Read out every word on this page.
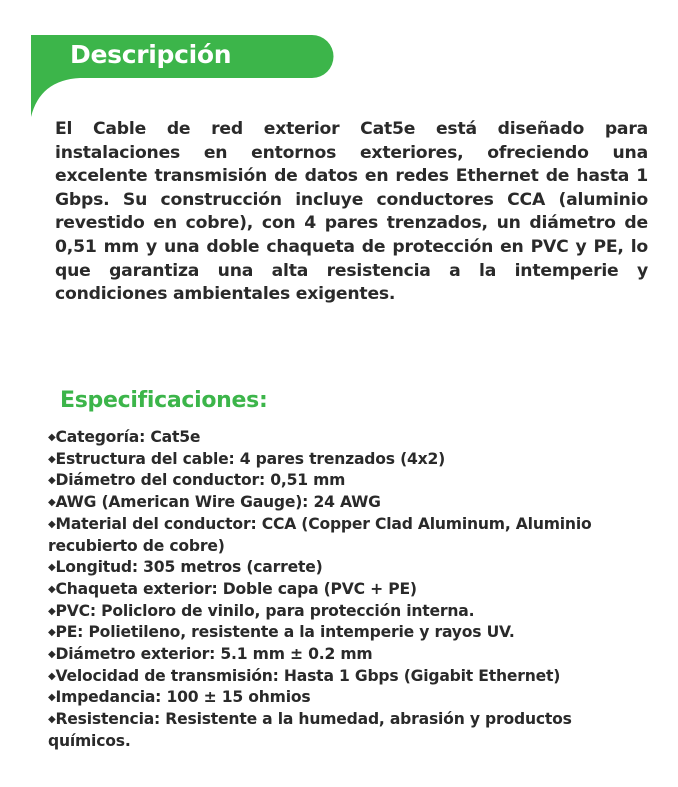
Descripción
El Cable de red exterior Cat5e está diseñado para instalaciones en entornos exteriores, ofreciendo una excelente transmisión de datos en redes Ethernet de hasta 1 Gbps. Su construcción incluye conductores CCA (aluminio revestido en cobre), con 4 pares trenzados, un diámetro de 0,51 mm y una doble chaqueta de protección en PVC y PE, lo que garantiza una alta resistencia a la intemperie y condiciones ambientales exigentes.
Especificaciones:
◆ Categoría: Cat5e
◆ Estructura del cable: 4 pares trenzados (4x2)
◆ Diámetro del conductor: 0,51 mm
◆ AWG (American Wire Gauge): 24 AWG
◆ Material del conductor: CCA (Copper Clad Aluminum, Aluminio recubierto de cobre)
◆ Longitud: 305 metros (carrete)
◆ Chaqueta exterior: Doble capa (PVC + PE)
◆ PVC: Policloro de vinilo, para protección interna.
◆ PE: Polietileno, resistente a la intemperie y rayos UV.
◆ Diámetro exterior: 5.1 mm ± 0.2 mm
◆ Velocidad de transmisión: Hasta 1 Gbps (Gigabit Ethernet)
◆ Impedancia: 100 ± 15 ohmios
◆ Resistencia: Resistente a la humedad, abrasión y productos químicos.
